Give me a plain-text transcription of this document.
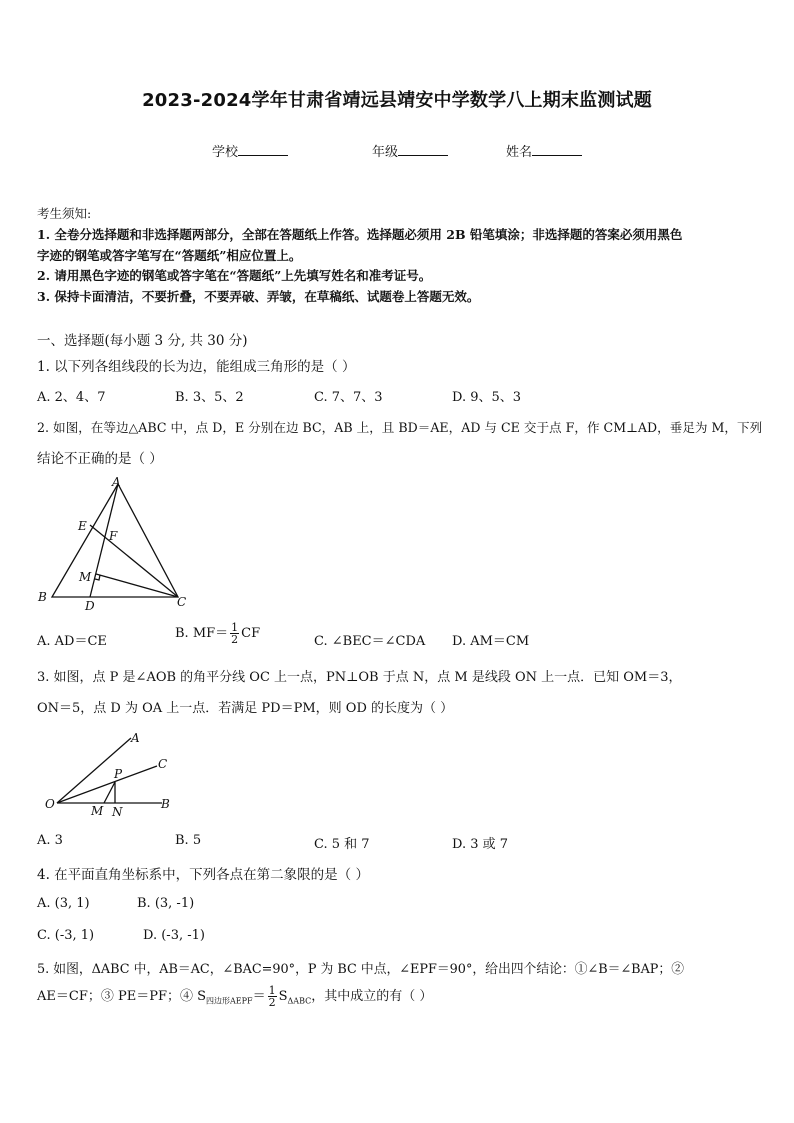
2023-2024学年甘肃省靖远县靖安中学数学八上期末监测试题
学校	年级	姓名
考生须知:
1. 全卷分选择题和非选择题两部分，全部在答题纸上作答。选择题必须用 2B 铅笔填涂；非选择题的答案必须用黑色
字迹的钢笔或答字笔写在“答题纸”相应位置上。
2. 请用黑色字迹的钢笔或答字笔在“答题纸”上先填写姓名和准考证号。
3. 保持卡面清洁，不要折叠，不要弄破、弄皱，在草稿纸、试题卷上答题无效。
一、选择题(每小题 3 分, 共 30 分)
1. 以下列各组线段的长为边，能组成三角形的是（ ）
A. 2、4、7	B. 3、5、2	C. 7、7、3	D. 9、5、3
2. 如图，在等边△ABC 中，点 D，E 分别在边 BC，AB 上，且 BD＝AE，AD 与 CE 交于点 F，作 CM⊥AD，垂足为 M，下列
结论不正确的是（ ）
A
B	C
D
E
F
M
A. AD＝CE
B. $MF= \frac{1}{2}$ CF
C. ∠BEC＝∠CDA D. AM＝CM
3. 如图，点 P 是∠AOB 的角平分线 OC 上一点，PN⊥OB 于点 N，点 M 是线段 ON 上一点．已知 OM＝3，
ON＝5，点 D 为 OA 上一点．若满足 PD＝PM，则 OD 的长度为（ ）
O
A
B
C
P
M N
A. 3	B. 5	C. 5 和 7	D. 3 或 7
4. 在平面直角坐标系中，下列各点在第二象限的是（ ）
A. (3, 1)	B. (3, -1)
C. (-3, 1)	D. (-3, -1)
5. 如图，ΔABC 中，AB＝AC，∠BAC=90°，P 为 BC 中点，∠EPF＝90°，给出四个结论：①∠B＝∠BAP；②
AE＝CF；③ PE＝PF；④ $S_{四边形AEPF}= \frac{1}{2} S_{\Delta ABC}$，其中成立的有（ ）
